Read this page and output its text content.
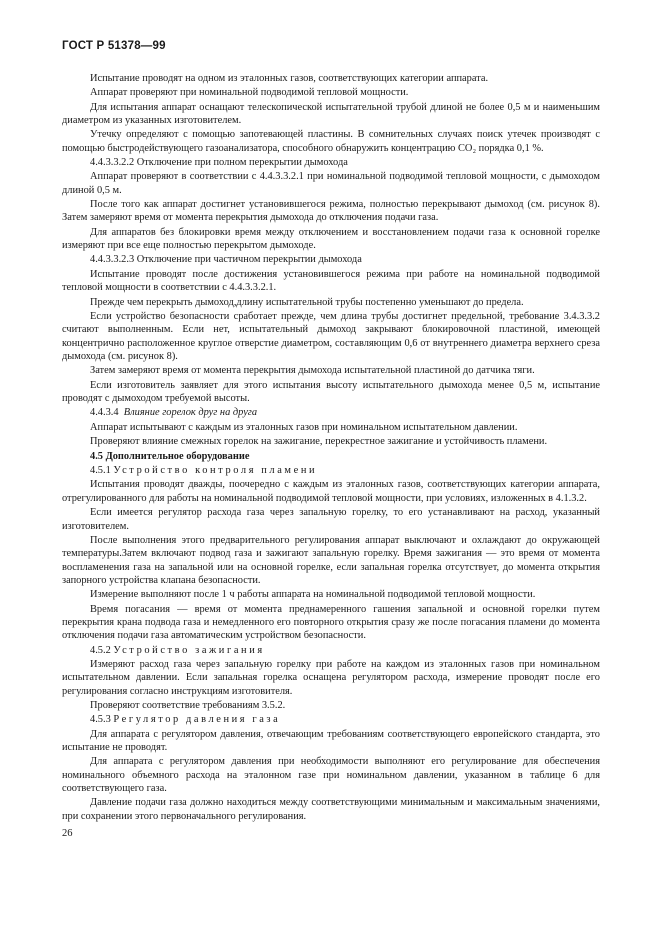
ГОСТ Р 51378—99

Испытание проводят на одном из эталонных газов, соответствующих категории аппарата.

Аппарат проверяют при номинальной подводимой тепловой мощности.

Для испытания аппарат оснащают телескопической испытательной трубой длиной не более 0,5 м и наименьшим диаметром из указанных изготовителем.

Утечку определяют с помощью запотевающей пластины. В сомнительных случаях поиск утечек производят с помощью быстродействующего газоанализатора, способного обнаружить концентрацию CO₂ порядка 0,1 %.

4.4.3.3.2.2 Отключение при полном перекрытии дымохода

Аппарат проверяют в соответствии с 4.4.3.3.2.1 при номинальной подводимой тепловой мощности, с дымоходом длиной 0,5 м.

После того как аппарат достигнет установившегося режима, полностью перекрывают дымоход (см. рисунок 8). Затем замеряют время от момента перекрытия дымохода до отключения подачи газа.

Для аппаратов без блокировки время между отключением и восстановлением подачи газа к основной горелке измеряют при все еще полностью перекрытом дымоходе.

4.4.3.3.2.3 Отключение при частичном перекрытии дымохода

Испытание проводят после достижения установившегося режима при работе на номинальной подводимой тепловой мощности в соответствии с 4.4.3.3.2.1.

Прежде чем перекрыть дымоход,длину испытательной трубы постепенно уменьшают до предела.

Если устройство безопасности сработает прежде, чем длина трубы достигнет предельной, требование 3.4.3.3.2 считают выполненным. Если нет, испытательный дымоход закрывают блокировочной пластиной, имеющей концентрично расположенное круглое отверстие диаметром, составляющим 0,6 от внутреннего диаметра верхнего среза дымохода (см. рисунок 8).

Затем замеряют время от момента перекрытия дымохода испытательной пластиной до датчика тяги.

Если изготовитель заявляет для этого испытания высоту испытательного дымохода менее 0,5 м, испытание проводят с дымоходом требуемой высоты.

4.4.3.4 Влияние горелок друг на друга

Аппарат испытывают с каждым из эталонных газов при номинальном испытательном давлении.

Проверяют влияние смежных горелок на зажигание, перекрестное зажигание и устойчивость пламени.

4.5 Дополнительное оборудование

4.5.1 Устройство контроля пламени

Испытания проводят дважды, поочередно с каждым из эталонных газов, соответствующих категории аппарата, отрегулированного для работы на номинальной подводимой тепловой мощности, при условиях, изложенных в 4.1.3.2.

Если имеется регулятор расхода газа через запальную горелку, то его устанавливают на расход, указанный изготовителем.

После выполнения этого предварительного регулирования аппарат выключают и охлаждают до окружающей температуры.Затем включают подвод газа и зажигают запальную горелку. Время зажигания — это время от момента воспламенения газа на запальной или на основной горелке, если запальная горелка отсутствует, до момента открытия запорного устройства клапана безопасности.

Измерение выполняют после 1 ч работы аппарата на номинальной подводимой тепловой мощности.

Время погасания — время от момента преднамеренного гашения запальной и основной горелки путем перекрытия крана подвода газа и немедленного его повторного открытия сразу же после погасания пламени до момента отключения подачи газа автоматическим устройством безопасности.

4.5.2 Устройство зажигания

Измеряют расход газа через запальную горелку при работе на каждом из эталонных газов при номинальном испытательном давлении. Если запальная горелка оснащена регулятором расхода, измерение проводят после его регулирования согласно инструкциям изготовителя.

Проверяют соответствие требованиям 3.5.2.

4.5.3 Регулятор давления газа

Для аппарата с регулятором давления, отвечающим требованиям соответствующего европейского стандарта, это испытание не проводят.

Для аппарата с регулятором давления при необходимости выполняют его регулирование для обеспечения номинального объемного расхода на эталонном газе при номинальном давлении, указанном в таблице 6 для соответствующего газа.

Давление подачи газа должно находиться между соответствующими минимальным и максимальным значениями, при сохранении этого первоначального регулирования.

26
